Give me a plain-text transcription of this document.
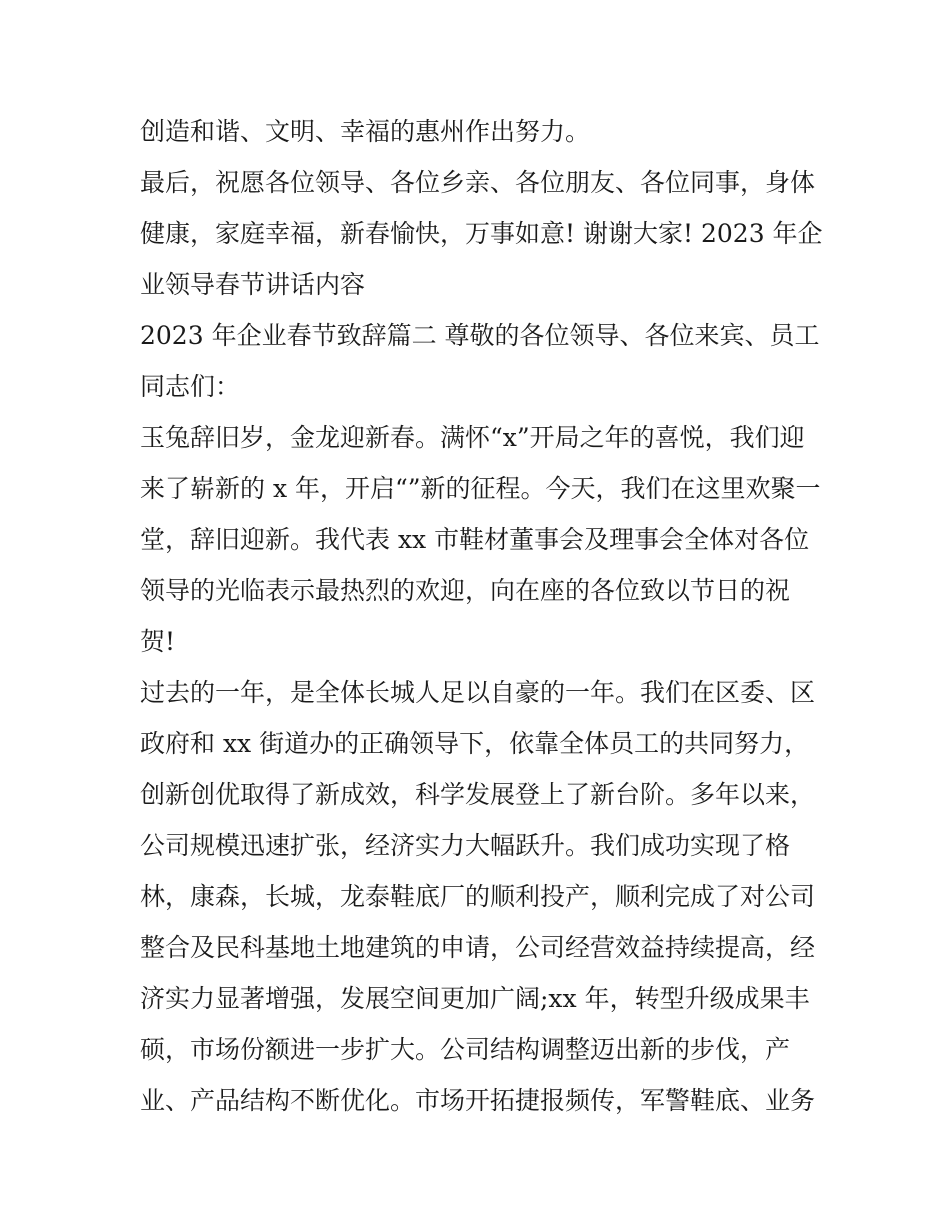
创造和谐、文明、幸福的惠州作出努力。
最后，祝愿各位领导、各位乡亲、各位朋友、各位同事，身体
健康，家庭幸福，新春愉快，万事如意! 谢谢大家! 2023 年企
业领导春节讲话内容
2023 年企业春节致辞篇二 尊敬的各位领导、各位来宾、员工
同志们：
玉兔辞旧岁，金龙迎新春。满怀“x”开局之年的喜悦，我们迎
来了崭新的 x 年，开启“”新的征程。今天，我们在这里欢聚一
堂，辞旧迎新。我代表 xx 市鞋材董事会及理事会全体对各位
领导的光临表示最热烈的欢迎，向在座的各位致以节日的祝
贺!
过去的一年，是全体长城人足以自豪的一年。我们在区委、区
政府和 xx 街道办的正确领导下，依靠全体员工的共同努力，
创新创优取得了新成效，科学发展登上了新台阶。多年以来，
公司规模迅速扩张，经济实力大幅跃升。我们成功实现了格
林，康森，长城，龙泰鞋底厂的顺利投产，顺利完成了对公司
整合及民科基地土地建筑的申请，公司经营效益持续提高，经
济实力显著增强，发展空间更加广阔;xx 年，转型升级成果丰
硕，市场份额进一步扩大。公司结构调整迈出新的步伐，产
业、产品结构不断优化。市场开拓捷报频传，军警鞋底、业务
